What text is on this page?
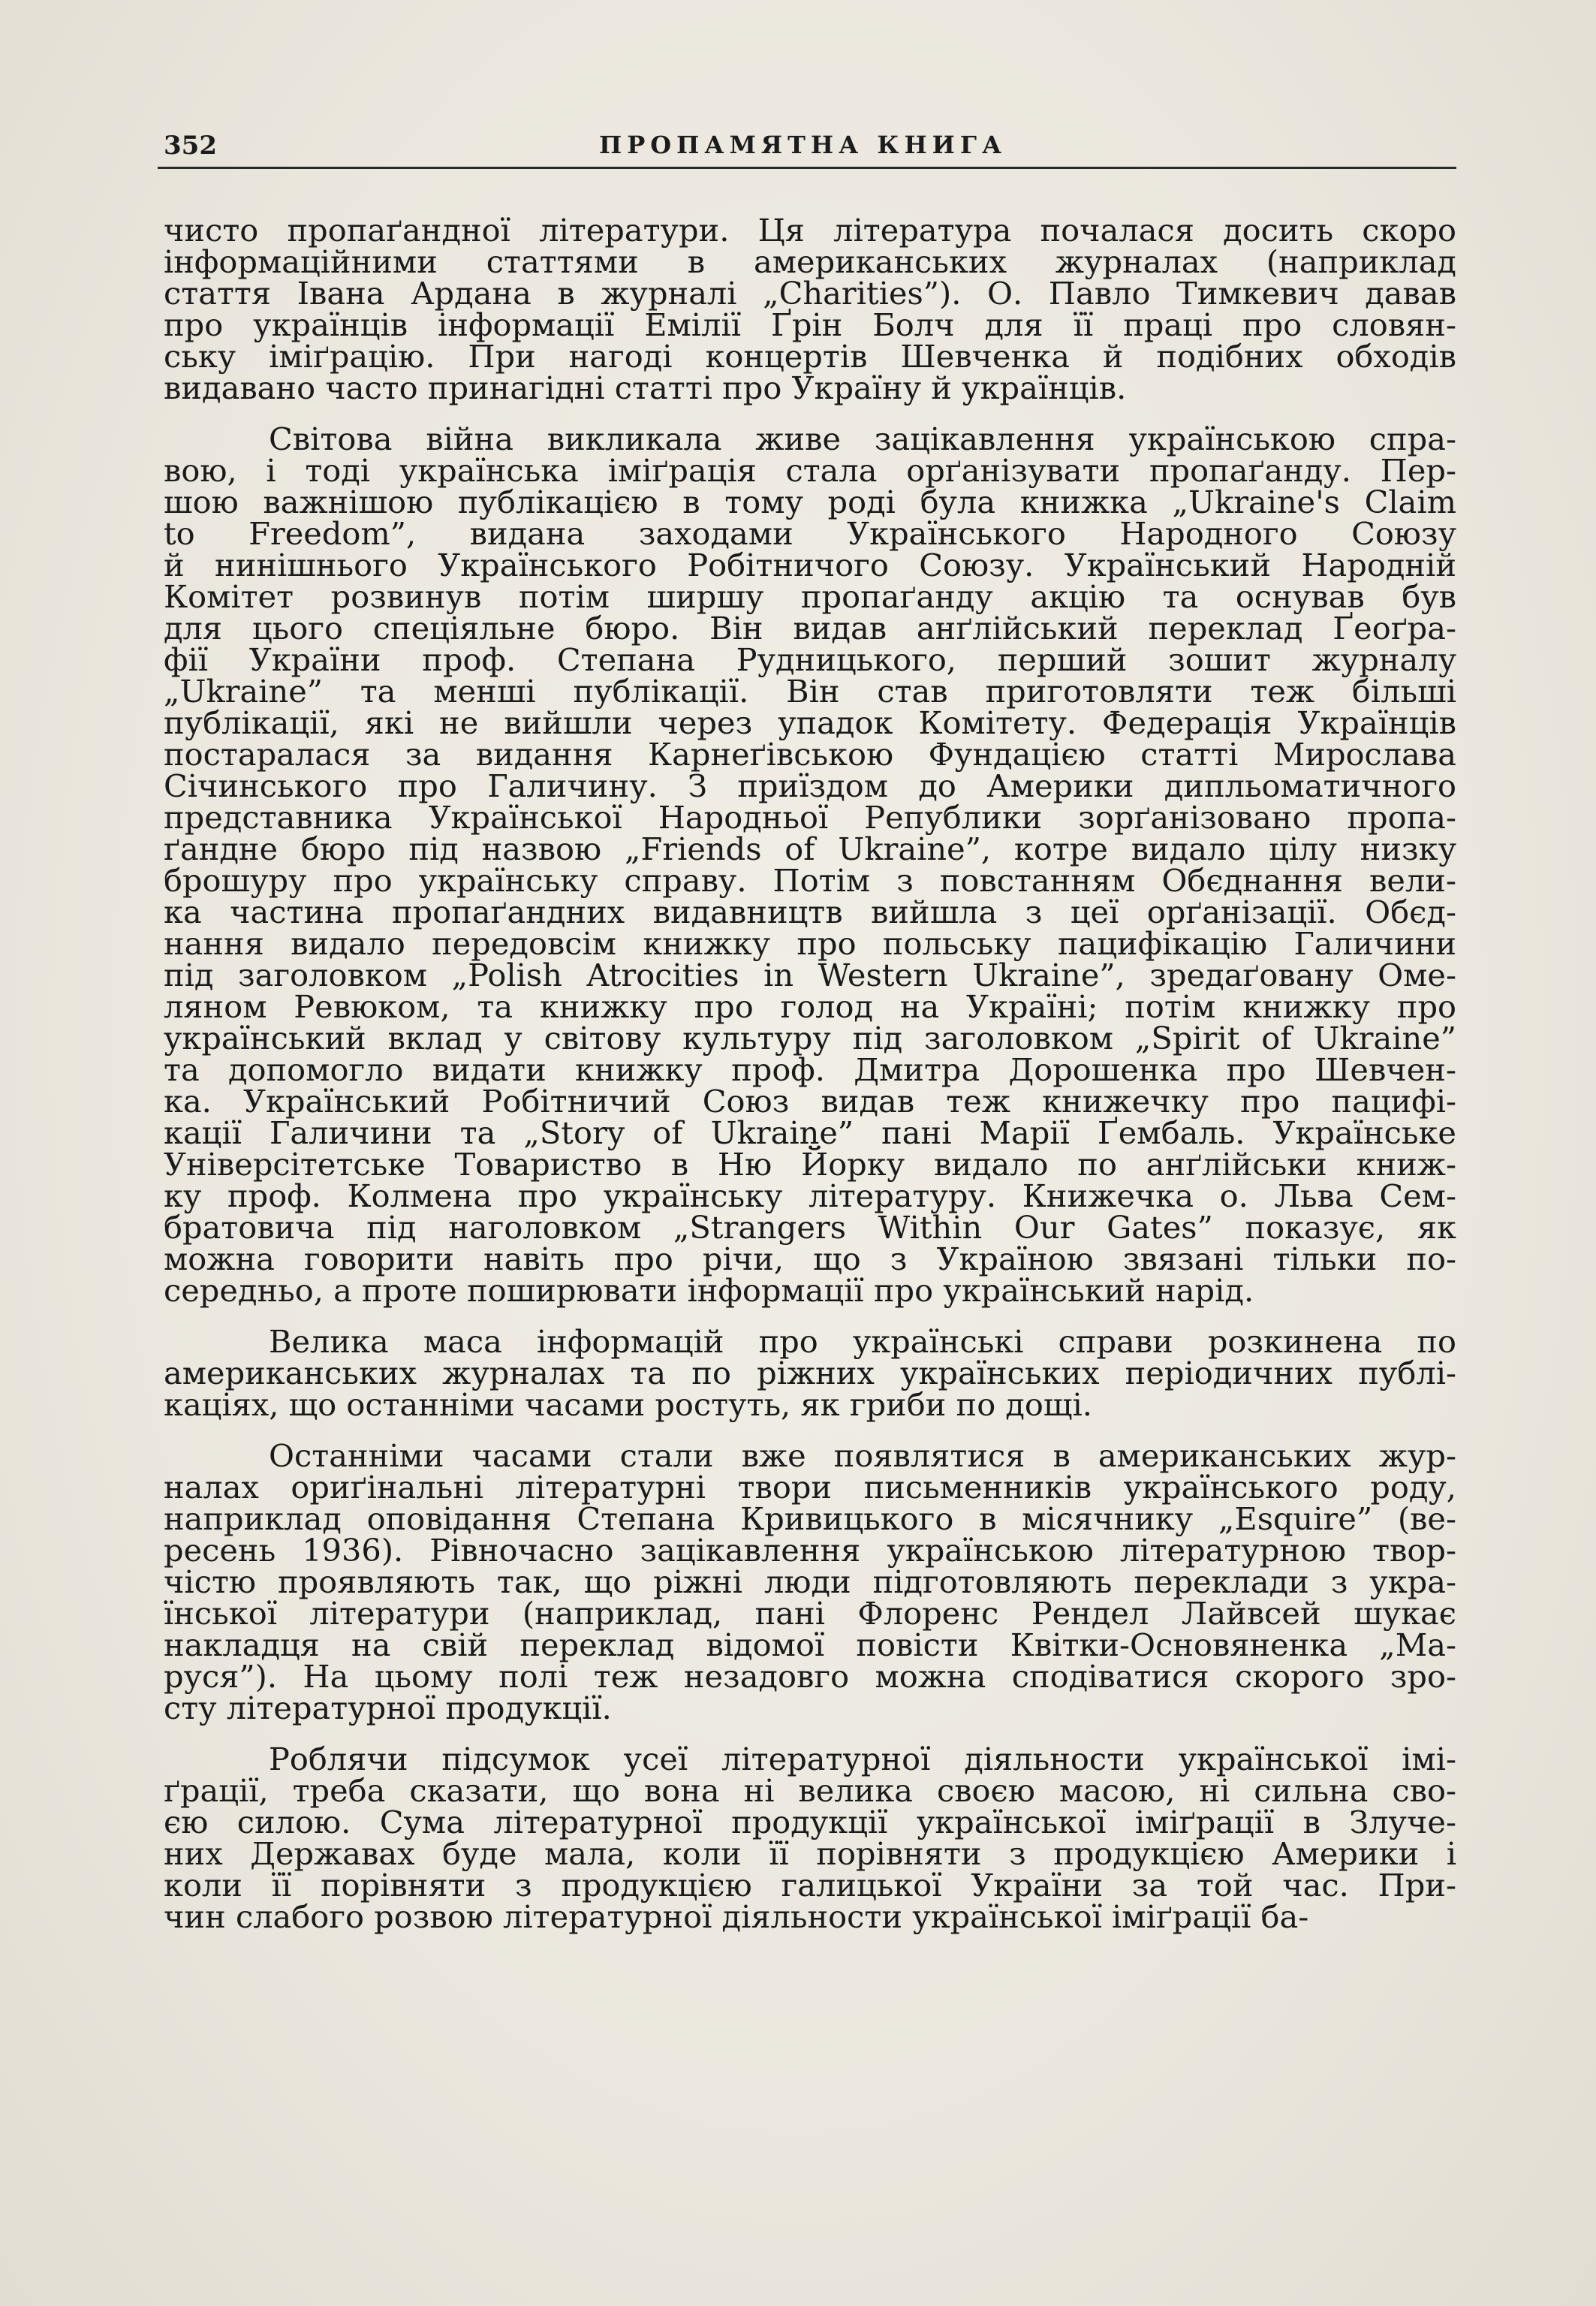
352	ПРОПАМЯТНА КНИГА
чисто пропаґандної літератури. Ця література почалася досить скоро
інформаційними статтями в американських журналах (наприклад
стаття Івана Ардана в журналі „Charities”). О. Павло Тимкевич давав
про українців інформації Емілії Ґрін Болч для її праці про словян-
ську іміґрацію. При нагоді концертів Шевченка й подібних обходів
видавано часто принагідні статті про Україну й українців.
Світова війна викликала живе зацікавлення українською спра-
вою, і тоді українська іміґрація стала орґанізувати пропаґанду. Пер-
шою важнішою публікацією в тому роді була книжка „Ukraine's Claim
to Freedom”, видана заходами Українського Народного Союзу
й нинішнього Українського Робітничого Союзу. Український Народній
Комітет розвинув потім ширшу пропаґанду акцію та оснував був
для цього спеціяльне бюро. Він видав анґлійський переклад Ґеоґра-
фії України проф. Степана Рудницького, перший зошит журналу
„Ukraine” та менші публікації. Він став приготовляти теж більші
публікації, які не вийшли через упадок Комітету. Федерація Українців
постаралася за видання Карнеґівською Фундацією статті Мирослава
Січинського про Галичину. З приїздом до Америки дипльоматичного
представника Української Народньої Републики зорґанізовано пропа-
ґандне бюро під назвою „Friends of Ukraine”, котре видало цілу низку
брошуру про українську справу. Потім з повстанням Обєднання вели-
ка частина пропаґандних видавництв вийшла з цеї орґанізації. Обєд-
нання видало передовсім книжку про польську пацифікацію Галичини
під заголовком „Polish Atrocities in Western Ukraine”, зредаґовану Оме-
ляном Ревюком, та книжку про голод на Україні; потім книжку про
український вклад у світову культуру під заголовком „Spirit of Ukraine”
та допомогло видати книжку проф. Дмитра Дорошенка про Шевчен-
ка. Український Робітничий Союз видав теж книжечку про пацифі-
кації Галичини та „Story of Ukraine” пані Марії Ґембаль. Українське
Універсітетське Товариство в Ню Йорку видало по анґлійськи книж-
ку проф. Колмена про українську літературу. Книжечка о. Льва Сем-
братовича під наголовком „Strangers Within Our Gates” показує, як
можна говорити навіть про річи, що з Україною звязані тільки по-
середньо, а проте поширювати інформації про український нарід.
Велика маса інформацій про українські справи розкинена по
американських журналах та по ріжних українських періодичних публі-
каціях, що останніми часами ростуть, як гриби по дощі.
Останніми часами стали вже появлятися в американських жур-
налах ориґінальні літературні твори письменників українського роду,
наприклад оповідання Степана Кривицького в місячнику „Esquire” (ве-
ресень 1936). Рівночасно зацікавлення українською літературною твор-
чістю проявляють так, що ріжні люди підготовляють переклади з укра-
їнської літератури (наприклад, пані Флоренс Рендел Лайвсей шукає
накладця на свій переклад відомої повісти Квітки-Основяненка „Ма-
руся”). На цьому полі теж незадовго можна сподіватися скорого зро-
сту літературної продукції.
Роблячи підсумок усеї літературної діяльности української імі-
ґрації, треба сказати, що вона ні велика своєю масою, ні сильна сво-
єю силою. Сума літературної продукції української іміґрації в Злуче-
них Державах буде мала, коли її порівняти з продукцією Америки і
коли її порівняти з продукцією галицької України за той час. При-
чин слабого розвою літературної діяльности української іміґрації ба-
